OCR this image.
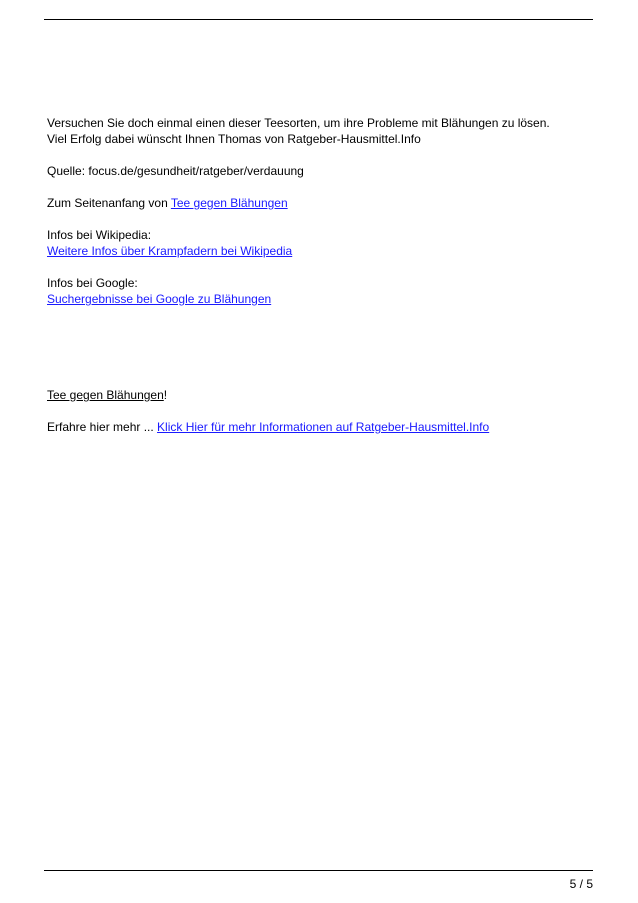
Versuchen Sie doch einmal einen dieser Teesorten, um ihre Probleme mit Blähungen zu lösen.

Viel Erfolg dabei wünscht Ihnen Thomas von Ratgeber-Hausmittel.Info

Quelle: focus.de/gesundheit/ratgeber/verdauung

Zum Seitenanfang von Tee gegen Blähungen

Infos bei Wikipedia:

Weitere Infos über Krampfadern bei Wikipedia

Infos bei Google:

Suchergebnisse bei Google zu Blähungen

Tee gegen Blähungen!

Erfahre hier mehr ... Klick Hier für mehr Informationen auf Ratgeber-Hausmittel.Info

5 / 5
